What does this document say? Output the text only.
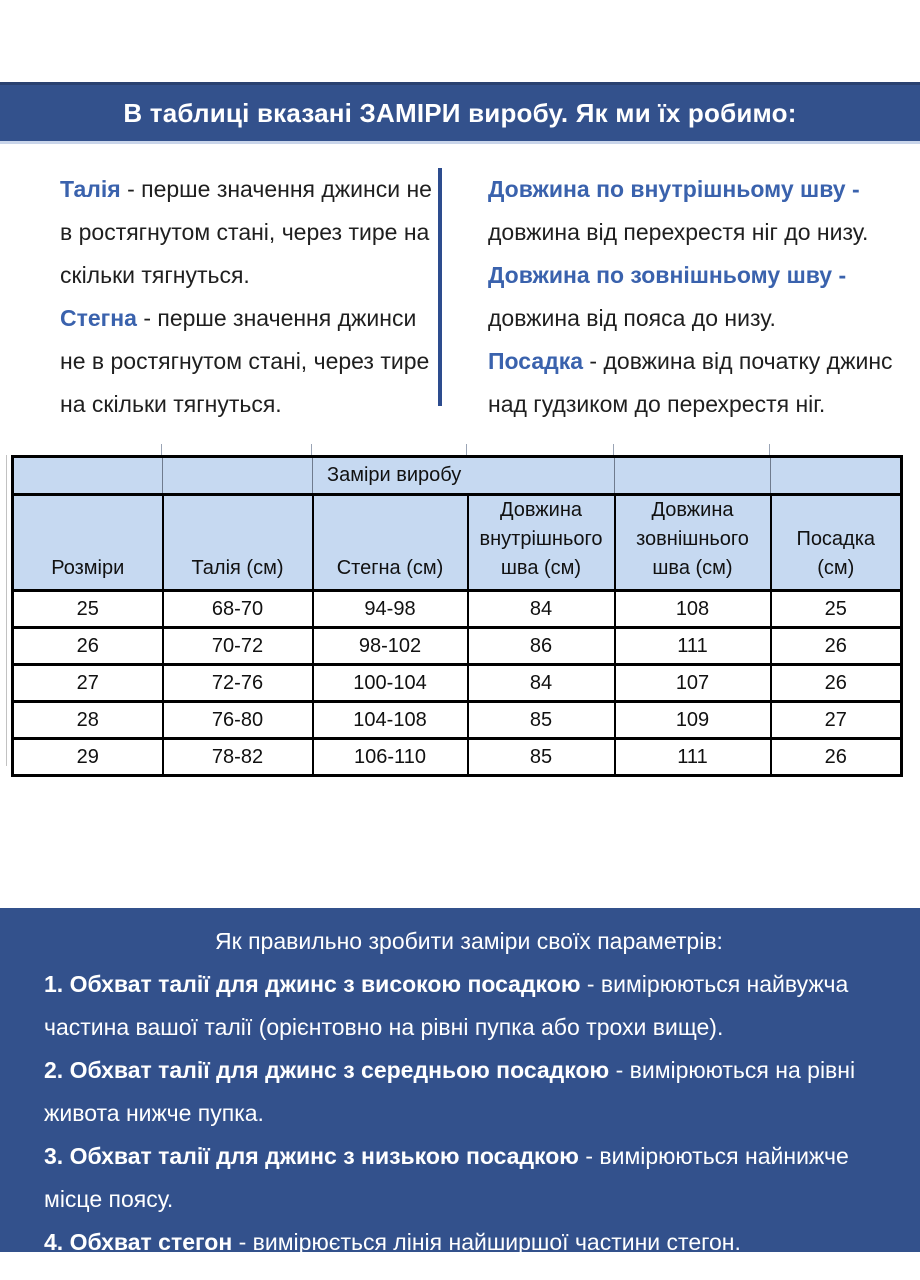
В таблиці вказані ЗАМІРИ виробу. Як ми їх робимо:

Талія - перше значення джинси не в ростягнутом стані, через тире на скільки тягнуться.

Стегна - перше значення джинси не в ростягнутом стані, через тире на скільки тягнуться.

Довжина по внутрішньому шву - довжина від перехрестя ніг до низу.

Довжина по зовнішньому шву - довжина від пояса до низу.

Посадка - довжина від початку джинс над гудзиком до перехрестя ніг.

		Заміри виробу			
Розміри	Талія (см)	Стегна (см)	Довжина внутрішнього шва (см)	Довжина зовнішнього шва (см)	Посадка (см)
25	68-70	94-98	84	108	25
26	70-72	98-102	86	111	26
27	72-76	100-104	84	107	26
28	76-80	104-108	85	109	27
29	78-82	106-110	85	111	26

Як правильно зробити заміри своїх параметрів:

1. Обхват талії для джинс з високою посадкою - вимірюються найвужча частина вашої талії (орієнтовно на рівні пупка або трохи вище).

2. Обхват талії для джинс з середньою посадкою - вимірюються на рівні живота нижче пупка.

3. Обхват талії для джинс з низькою посадкою - вимірюються найнижче місце поясу.

4. Обхват стегон - вимірюється лінія найширшої частини стегон.
